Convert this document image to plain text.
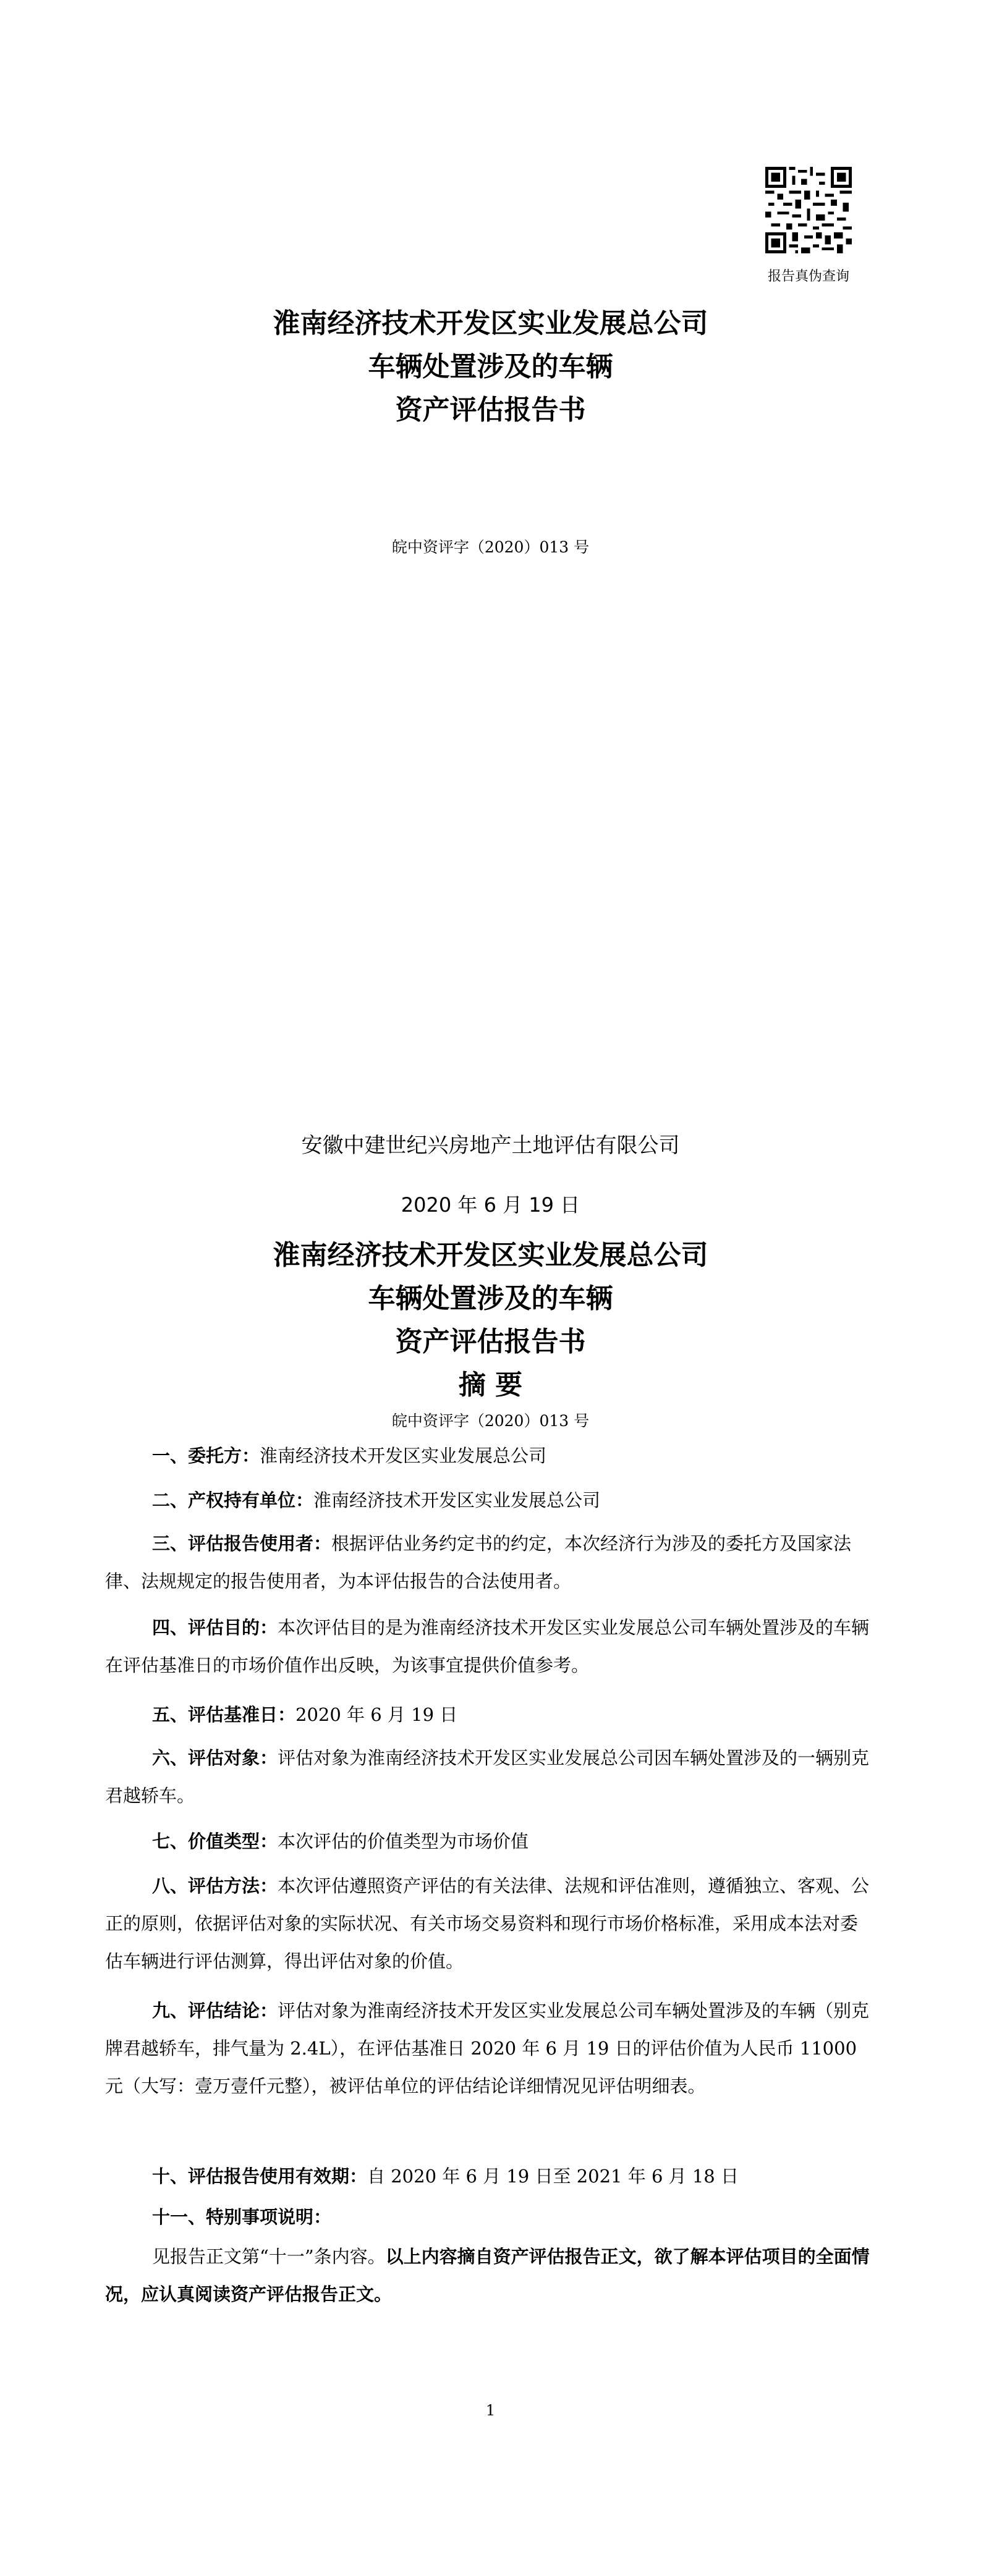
报告真伪查询
淮南经济技术开发区实业发展总公司
车辆处置涉及的车辆
资产评估报告书
皖中资评字（2020）013 号
安徽中建世纪兴房地产土地评估有限公司
2020 年 6 月 19 日
淮南经济技术开发区实业发展总公司
车辆处置涉及的车辆
资产评估报告书
摘 要
皖中资评字（2020）013 号
一、委托方：淮南经济技术开发区实业发展总公司
二、产权持有单位：淮南经济技术开发区实业发展总公司
三、评估报告使用者：根据评估业务约定书的约定，本次经济行为涉及的委托方及国家法律、法规规定的报告使用者，为本评估报告的合法使用者。
四、评估目的：本次评估目的是为淮南经济技术开发区实业发展总公司车辆处置涉及的车辆在评估基准日的市场价值作出反映，为该事宜提供价值参考。
五、评估基准日：2020 年 6 月 19 日
六、评估对象：评估对象为淮南经济技术开发区实业发展总公司因车辆处置涉及的一辆别克君越轿车。
七、价值类型：本次评估的价值类型为市场价值
八、评估方法：本次评估遵照资产评估的有关法律、法规和评估准则，遵循独立、客观、公正的原则，依据评估对象的实际状况、有关市场交易资料和现行市场价格标准，采用成本法对委估车辆进行评估测算，得出评估对象的价值。
九、评估结论：评估对象为淮南经济技术开发区实业发展总公司车辆处置涉及的车辆（别克牌君越轿车，排气量为 2.4L），在评估基准日 2020 年 6 月 19 日的评估价值为人民币 11000 元（大写：壹万壹仟元整），被评估单位的评估结论详细情况见评估明细表。
十、评估报告使用有效期：自 2020 年 6 月 19 日至 2021 年 6 月 18 日
十一、特别事项说明：
见报告正文第“十一”条内容。以上内容摘自资产评估报告正文，欲了解本评估项目的全面情况，应认真阅读资产评估报告正文。
1
